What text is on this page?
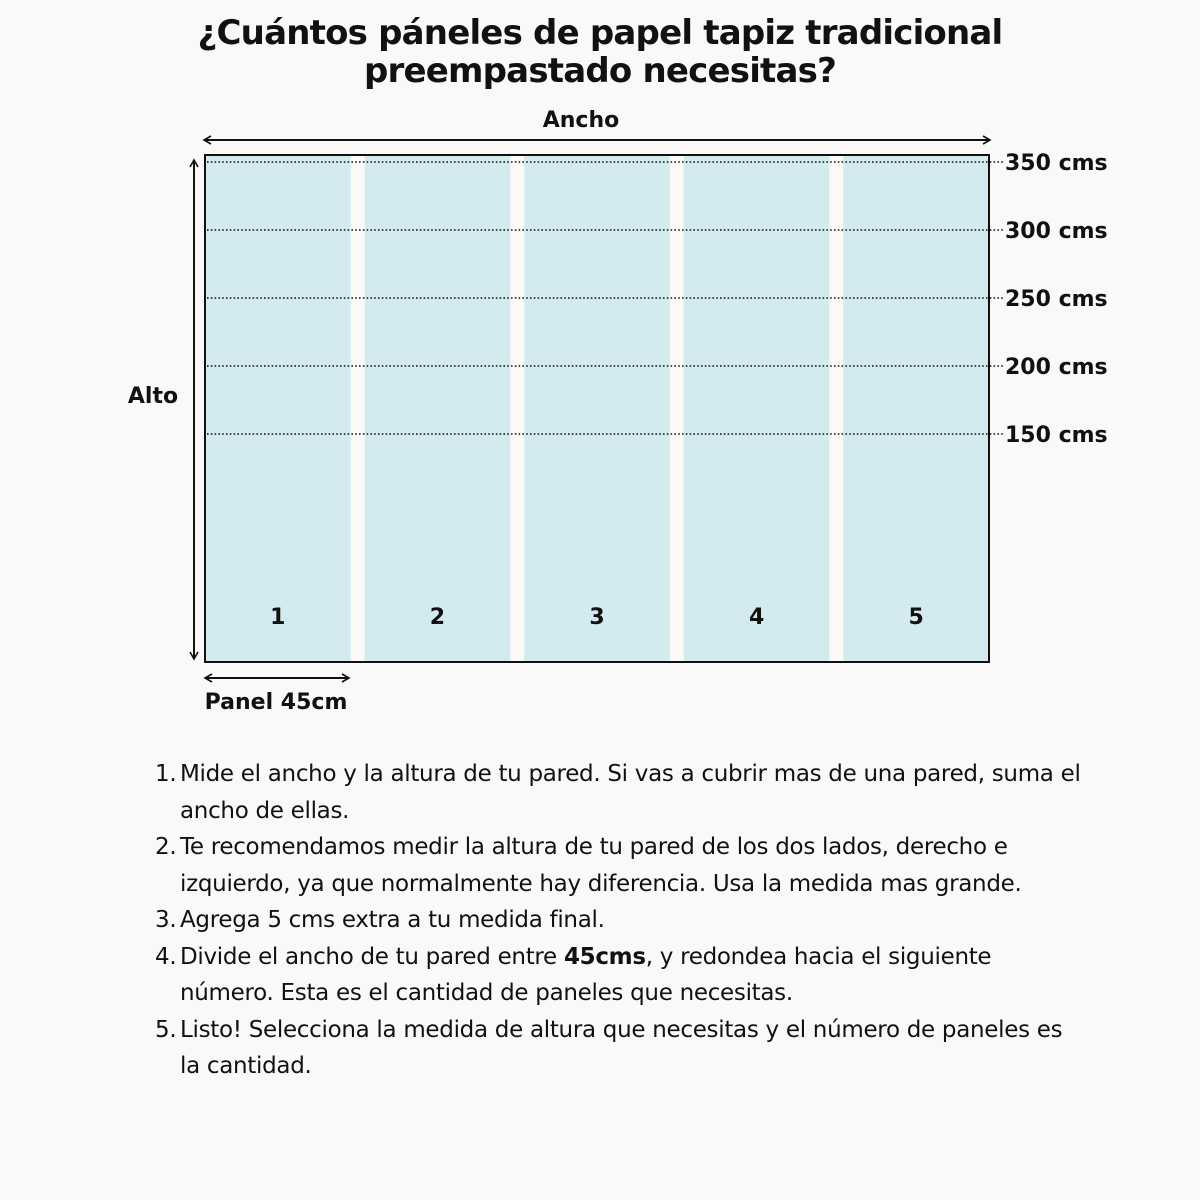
¿Cuántos páneles de papel tapiz tradicional
preempastado necesitas?
Ancho
Alto
1	2	3	4	5
350 cms
300 cms
250 cms
200 cms
150 cms
Panel 45cm
1. Mide el ancho y la altura de tu pared. Si vas a cubrir mas de una pared, suma el ancho de ellas.
2. Te recomendamos medir la altura de tu pared de los dos lados, derecho e izquierdo, ya que normalmente hay diferencia. Usa la medida mas grande.
3. Agrega 5 cms extra a tu medida final.
4. Divide el ancho de tu pared entre 45cms, y redondea hacia el siguiente número. Esta es el cantidad de paneles que necesitas.
5. Listo! Selecciona la medida de altura que necesitas y el número de paneles es la cantidad.
